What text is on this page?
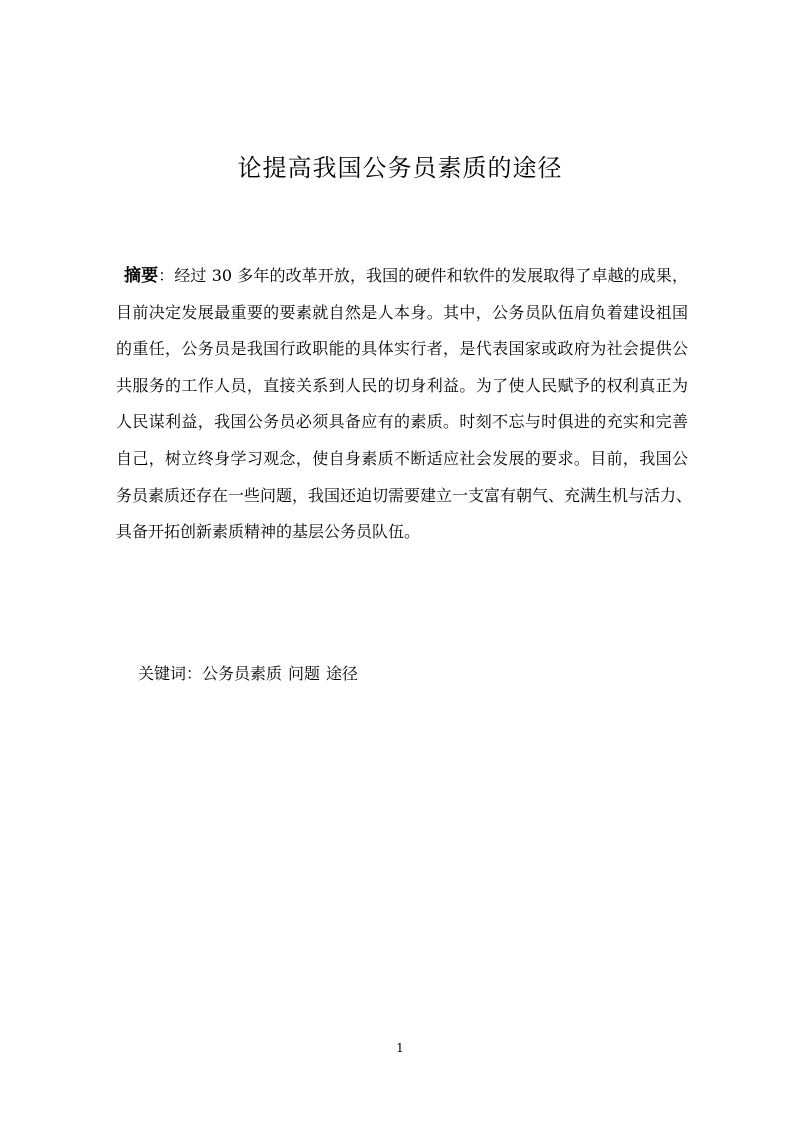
论提高我国公务员素质的途径
摘要：经过 30 多年的改革开放，我国的硬件和软件的发展取得了卓越的成果，
目前决定发展最重要的要素就自然是人本身。其中，公务员队伍肩负着建设祖国
的重任，公务员是我国行政职能的具体实行者，是代表国家或政府为社会提供公
共服务的工作人员，直接关系到人民的切身利益。为了使人民赋予的权利真正为
人民谋利益，我国公务员必须具备应有的素质。时刻不忘与时俱进的充实和完善
自己，树立终身学习观念，使自身素质不断适应社会发展的要求。目前，我国公
务员素质还存在一些问题，我国还迫切需要建立一支富有朝气、充满生机与活力、
具备开拓创新素质精神的基层公务员队伍。
关键词：公务员素质 问题 途径
1
